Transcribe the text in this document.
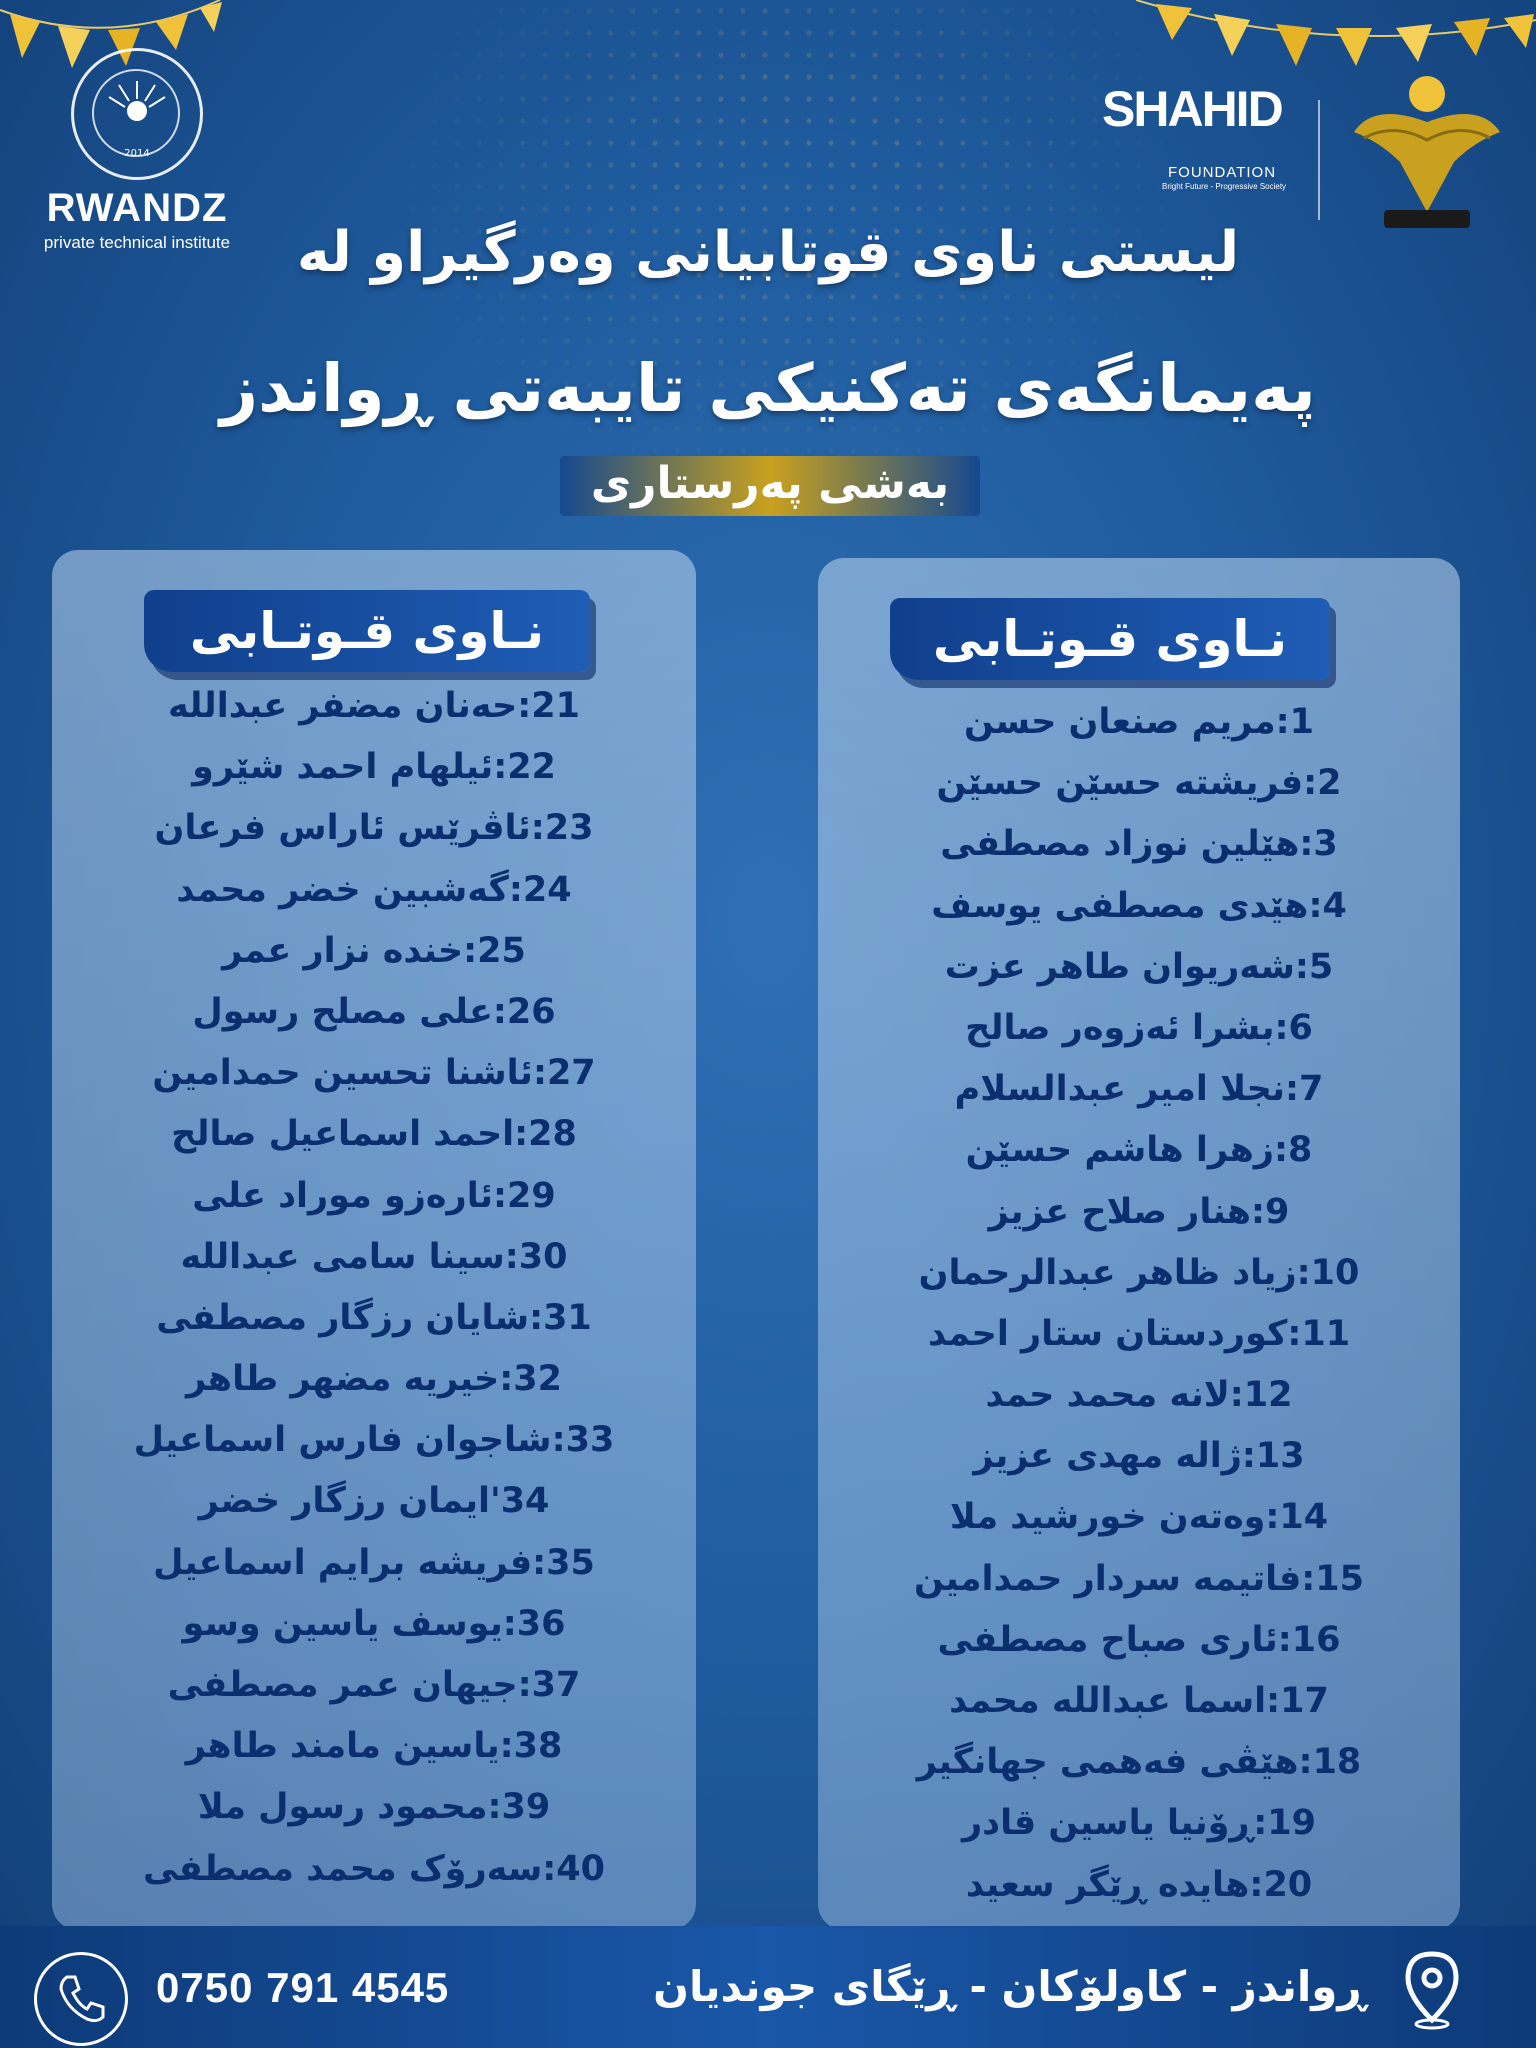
2014
RWANDZ
private technical institute
SHAHID
FOUNDATION
Bright Future - Progressive Society
لیستی ناوی قوتابیانی وەرگیراو لە
پەیمانگەی تەکنیکی تایبەتی ڕواندز
بەشی پەرستاری
نـاوی قـوتـابی
1:مریم صنعان حسن
2:فریشته حسێن حسێن
3:هێلین نوزاد مصطفی
4:هێدی مصطفی یوسف
5:شەریوان طاهر عزت
6:بشرا ئەزوەر صالح
7:نجلا امیر عبدالسلام
8:زهرا هاشم حسێن
9:هنار صلاح عزیز
10:زیاد ظاهر عبدالرحمان
11:کوردستان ستار احمد
12:لانه محمد حمد
13:ژاله مهدی عزیز
14:وەتەن خورشید ملا
15:فاتیمه سردار حمدامین
16:ئاری صباح مصطفی
17:اسما عبدالله محمد
18:هێڤی فەهمی جهانگیر
19:ڕۆنیا یاسین قادر
20:هایده ڕێگر سعید
نـاوی قـوتـابی
21:حەنان مضفر عبدالله
22:ئیلهام احمد شێرو
23:ئاڤرێس ئاراس فرعان
24:گەشبین خضر محمد
25:خنده نزار عمر
26:علی مصلح رسول
27:ئاشنا تحسین حمدامین
28:احمد اسماعیل صالح
29:ئارەزو موراد علی
30:سینا سامی عبدالله
31:شایان رزگار مصطفی
32:خیریه مضهر طاهر
33:شاجوان فارس اسماعیل
34'ایمان رزگار خضر
35:فریشه برایم اسماعیل
36:یوسف یاسین وسو
37:جیهان عمر مصطفی
38:یاسین مامند طاهر
39:محمود رسول ملا
40:سەرۆک محمد مصطفی
0750 791 4545	ڕواندز - کاولۆکان - ڕێگای جوندیان
